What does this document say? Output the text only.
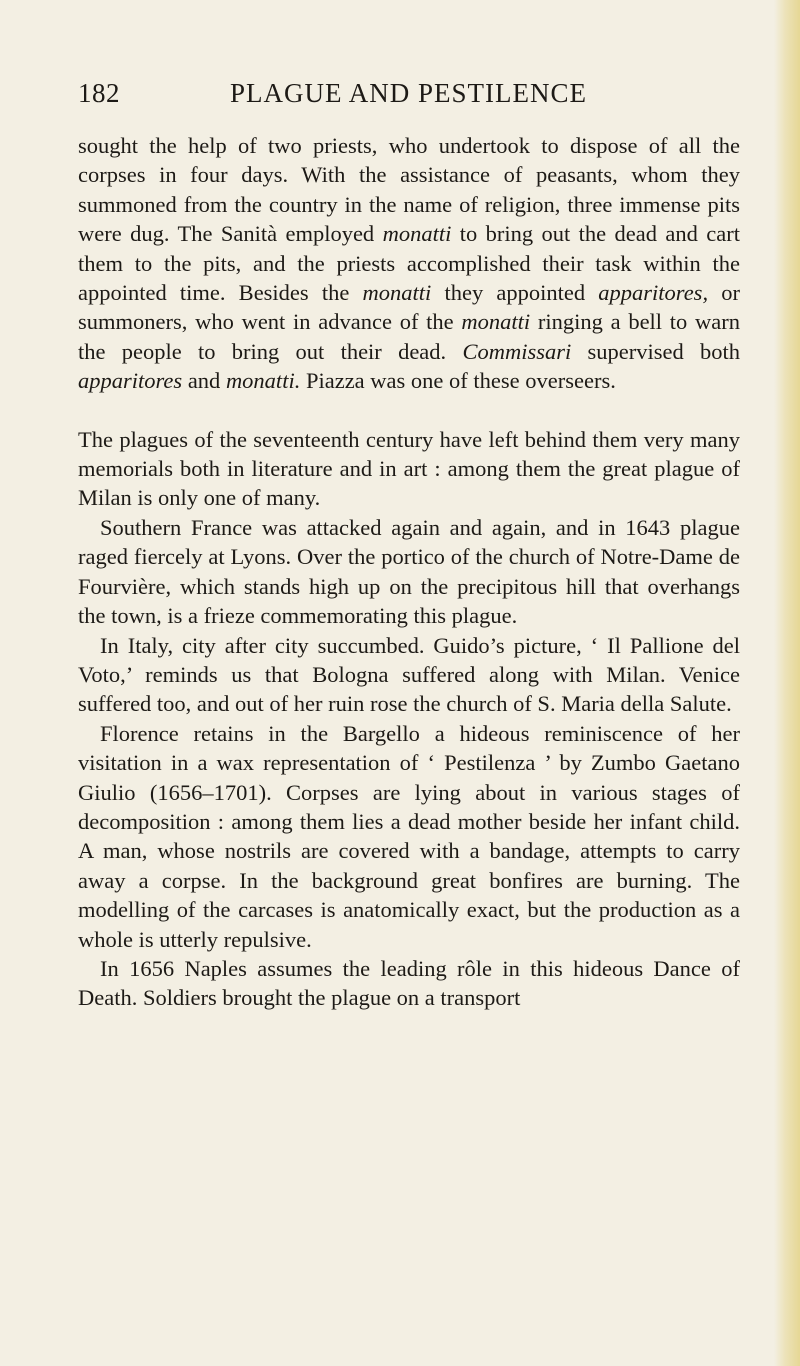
182	PLAGUE AND PESTILENCE

sought the help of two priests, who undertook to dispose of all the corpses in four days. With the assistance of peasants, whom they summoned from the country in the name of religion, three immense pits were dug. The Sanità employed monatti to bring out the dead and cart them to the pits, and the priests accomplished their task within the appointed time. Besides the monatti they appointed apparitores, or summoners, who went in advance of the monatti ringing a bell to warn the people to bring out their dead. Commissari supervised both apparitores and monatti. Piazza was one of these overseers.

The plagues of the seventeenth century have left behind them very many memorials both in literature and in art : among them the great plague of Milan is only one of many.

Southern France was attacked again and again, and in 1643 plague raged fiercely at Lyons. Over the portico of the church of Notre-Dame de Fourvière, which stands high up on the precipitous hill that overhangs the town, is a frieze commemorating this plague.

In Italy, city after city succumbed. Guido’s picture, ‘ Il Pallione del Voto,’ reminds us that Bologna suffered along with Milan. Venice suffered too, and out of her ruin rose the church of S. Maria della Salute.

Florence retains in the Bargello a hideous reminiscence of her visitation in a wax representation of ‘ Pestilenza ’ by Zumbo Gaetano Giulio (1656–1701). Corpses are lying about in various stages of decomposition : among them lies a dead mother beside her infant child. A man, whose nostrils are covered with a bandage, attempts to carry away a corpse. In the background great bonfires are burning. The modelling of the carcases is anatomically exact, but the production as a whole is utterly repulsive.

In 1656 Naples assumes the leading rôle in this hideous Dance of Death. Soldiers brought the plague on a transport
